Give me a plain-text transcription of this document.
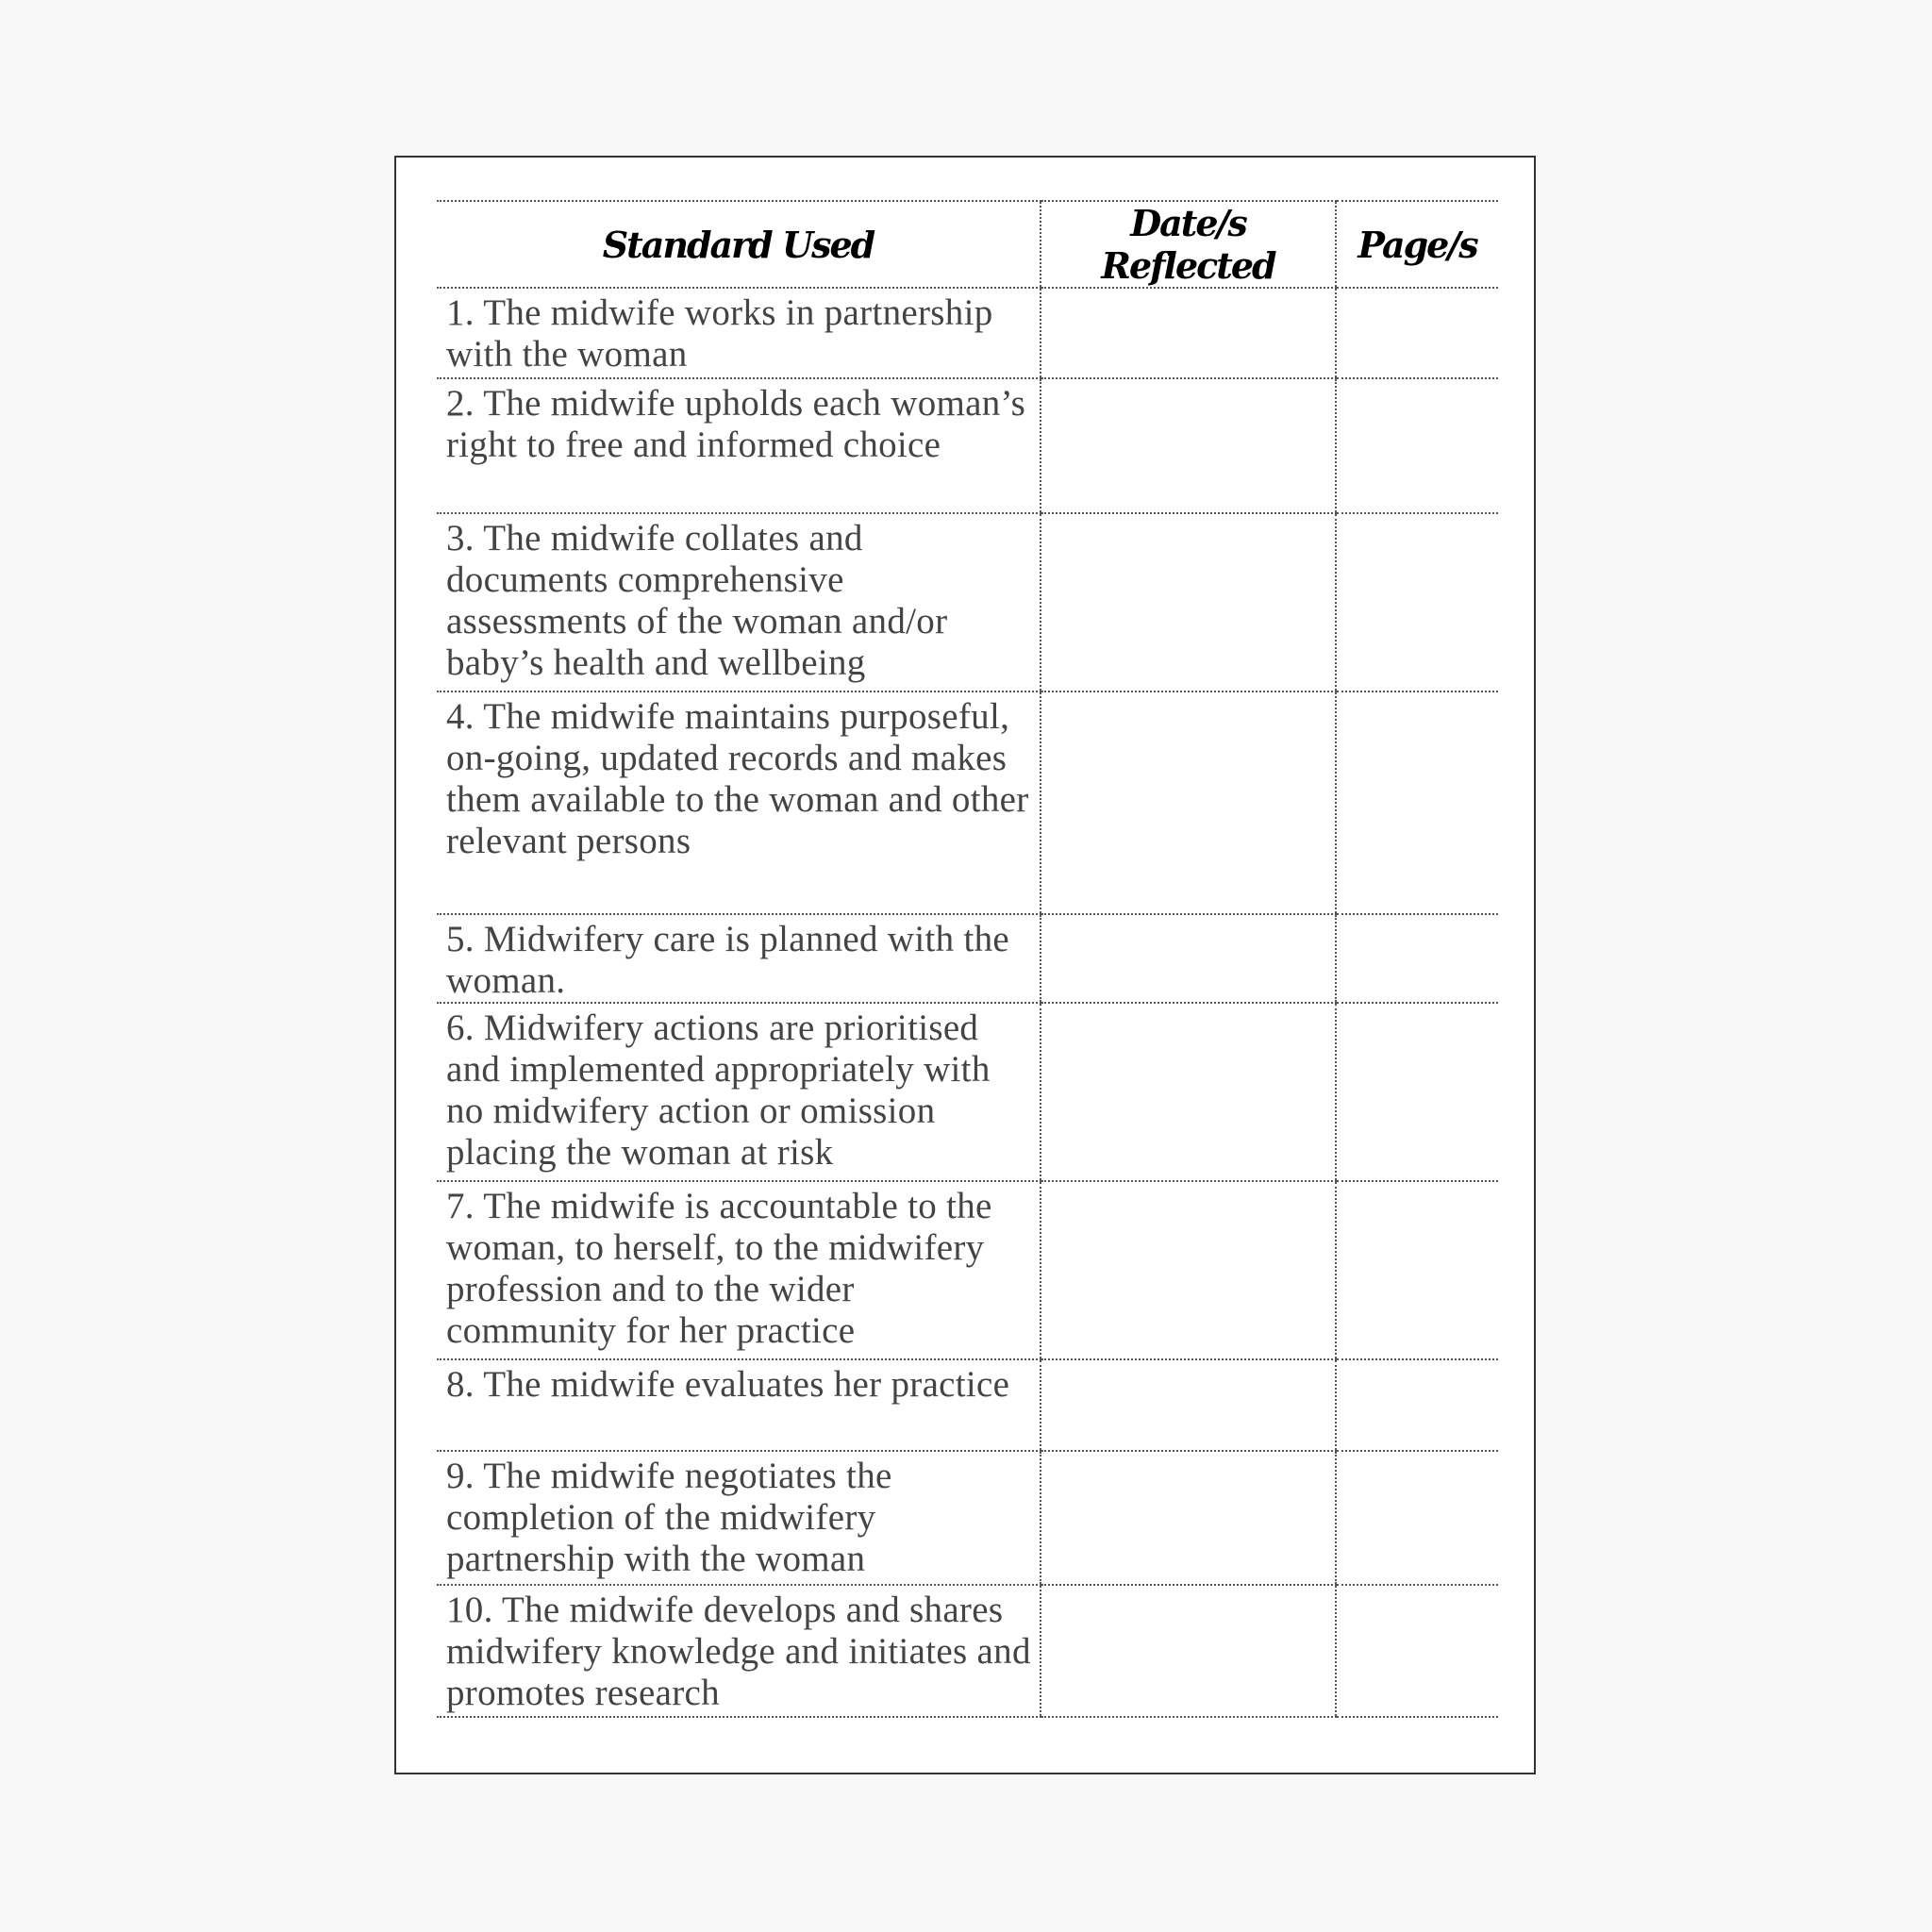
Standard Used	Date/s Reflected	Page/s
1. The midwife works in partnership with the woman		
2. The midwife upholds each woman’s right to free and informed choice		
3. The midwife collates and documents comprehensive assessments of the woman and/or baby’s health and wellbeing		
4. The midwife maintains purposeful, on-going, updated records and makes them available to the woman and other relevant persons		
5. Midwifery care is planned with the woman.		
6. Midwifery actions are prioritised and implemented appropriately with no midwifery action or omission placing the woman at risk		
7. The midwife is accountable to the woman, to herself, to the midwifery profession and to the wider community for her practice		
8. The midwife evaluates her practice		
9. The midwife negotiates the completion of the midwifery partnership with the woman		
10. The midwife develops and shares midwifery knowledge and initiates and promotes research		
